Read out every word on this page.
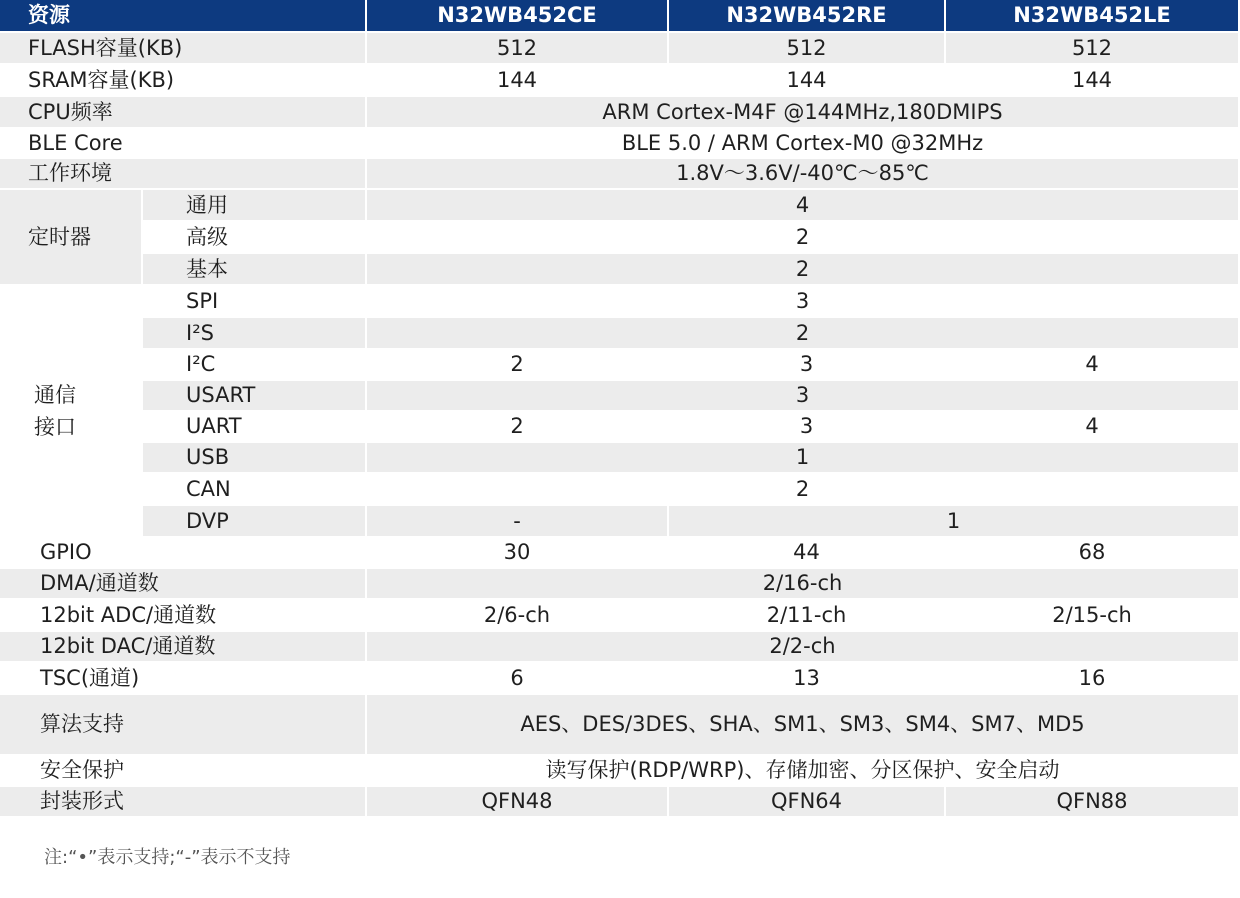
资源	N32WB452CE	N32WB452RE	N32WB452LE
FLASH容量(KB)	512	512	512
SRAM容量(KB)	144	144	144
CPU频率	ARM Cortex-M4F @144MHz,180DMIPS
BLE Core	BLE 5.0 / ARM Cortex-M0 @32MHz
工作环境	1.8V～3.6V/-40℃～85℃
定时器
通用	4
高级	2
基本	2
通信
接口
SPI	3
I²S	2
I²C	2	3	4
USART	3
UART	2	3	4
USB	1
CAN	2
DVP	-	1
GPIO	30	44	68
DMA/通道数	2/16-ch
12bit ADC/通道数	2/6-ch	2/11-ch	2/15-ch
12bit DAC/通道数	2/2-ch
TSC(通道)	6	13	16
算法支持	AES、DES/3DES、SHA、SM1、SM3、SM4、SM7、MD5
安全保护	读写保护(RDP/WRP)、存储加密、分区保护、安全启动
封装形式	QFN48	QFN64	QFN88
注:“•”表示支持;“-”表示不支持
